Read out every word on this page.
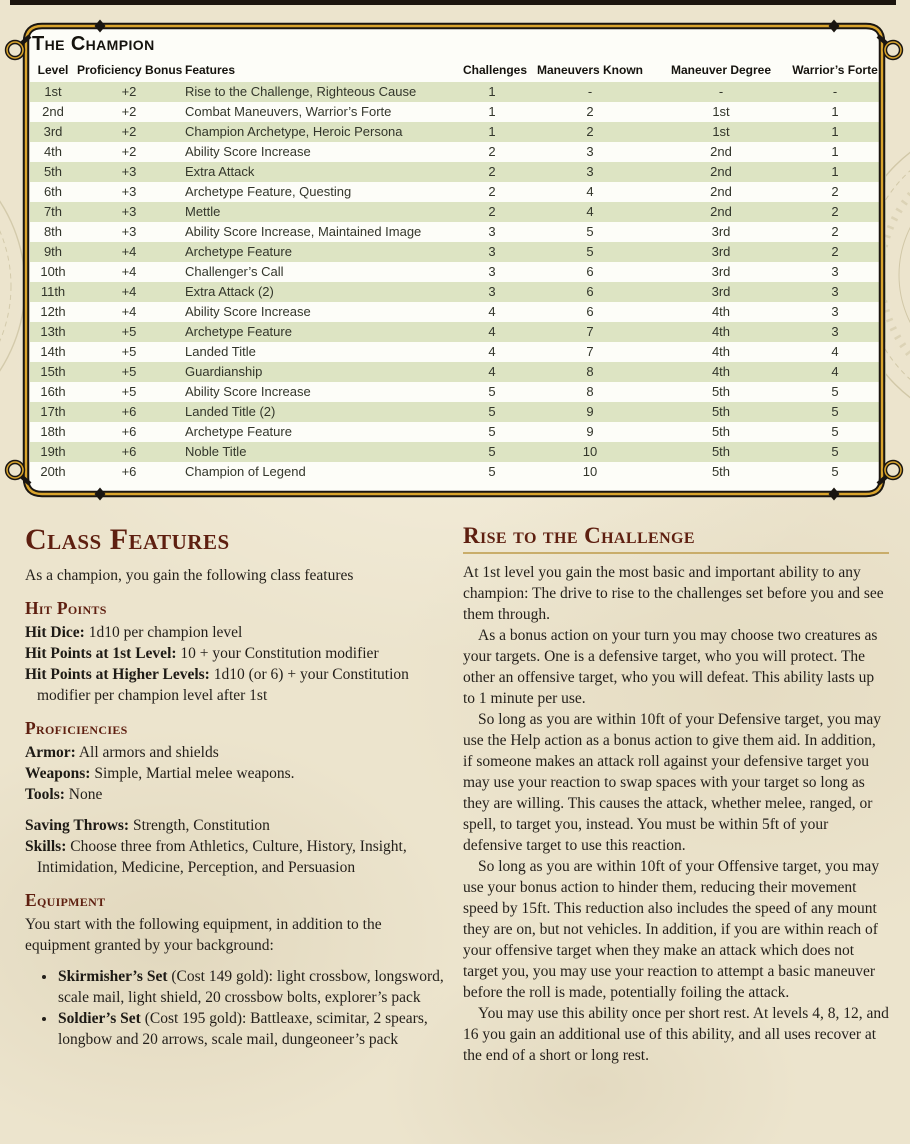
The Champion
Level	Proficiency Bonus	Features	Challenges	Maneuvers Known	Maneuver Degree	Warrior’s Forte
1st	+2	Rise to the Challenge, Righteous Cause	1	-	-	-
2nd	+2	Combat Maneuvers, Warrior’s Forte	1	2	1st	1
3rd	+2	Champion Archetype, Heroic Persona	1	2	1st	1
4th	+2	Ability Score Increase	2	3	2nd	1
5th	+3	Extra Attack	2	3	2nd	1
6th	+3	Archetype Feature, Questing	2	4	2nd	2
7th	+3	Mettle	2	4	2nd	2
8th	+3	Ability Score Increase, Maintained Image	3	5	3rd	2
9th	+4	Archetype Feature	3	5	3rd	2
10th	+4	Challenger’s Call	3	6	3rd	3
11th	+4	Extra Attack (2)	3	6	3rd	3
12th	+4	Ability Score Increase	4	6	4th	3
13th	+5	Archetype Feature	4	7	4th	3
14th	+5	Landed Title	4	7	4th	4
15th	+5	Guardianship	4	8	4th	4
16th	+5	Ability Score Increase	5	8	5th	5
17th	+6	Landed Title (2)	5	9	5th	5
18th	+6	Archetype Feature	5	9	5th	5
19th	+6	Noble Title	5	10	5th	5
20th	+6	Champion of Legend	5	10	5th	5
Class Features

As a champion, you gain the following class features

Hit Points

Hit Dice: 1d10 per champion level

Hit Points at 1st Level: 10 + your Constitution modifier

Hit Points at Higher Levels: 1d10 (or 6) + your Constitution modifier per champion level after 1st

Proficiencies

Armor: All armors and shields

Weapons: Simple, Martial melee weapons.

Tools: None

Saving Throws: Strength, Constitution

Skills: Choose three from Athletics, Culture, History, Insight, Intimidation, Medicine, Perception, and Persuasion

Equipment

You start with the following equipment, in addition to the equipment granted by your background:

• Skirmisher’s Set (Cost 149 gold): light crossbow, longsword, scale mail, light shield, 20 crossbow bolts, explorer’s pack
• Soldier’s Set (Cost 195 gold): Battleaxe, scimitar, 2 spears, longbow and 20 arrows, scale mail, dungeoneer’s pack
Rise to the Challenge

At 1st level you gain the most basic and important ability to any champion: The drive to rise to the challenges set before you and see them through.

As a bonus action on your turn you may choose two creatures as your targets. One is a defensive target, who you will protect. The other an offensive target, who you will defeat. This ability lasts up to 1 minute per use.

So long as you are within 10ft of your Defensive target, you may use the Help action as a bonus action to give them aid. In addition, if someone makes an attack roll against your defensive target you may use your reaction to swap spaces with your target so long as they are willing. This causes the attack, whether melee, ranged, or spell, to target you, instead. You must be within 5ft of your defensive target to use this reaction.

So long as you are within 10ft of your Offensive target, you may use your bonus action to hinder them, reducing their movement speed by 15ft. This reduction also includes the speed of any mount they are on, but not vehicles. In addition, if you are within reach of your offensive target when they make an attack which does not target you, you may use your reaction to attempt a basic maneuver before the roll is made, potentially foiling the attack.

You may use this ability once per short rest. At levels 4, 8, 12, and 16 you gain an additional use of this ability, and all uses recover at the end of a short or long rest.
